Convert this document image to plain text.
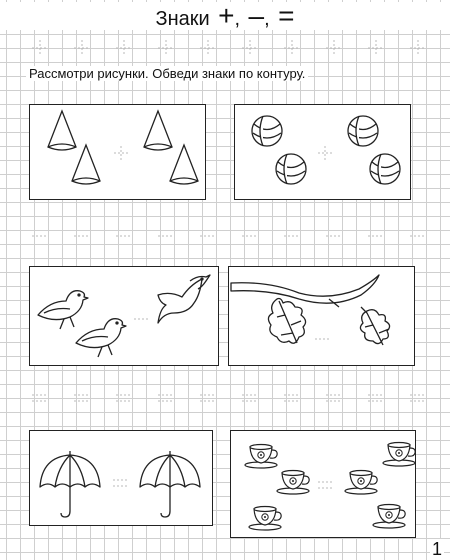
Знаки +, –, =
Рассмотри рисунки. Обведи знаки по контуру.
1
